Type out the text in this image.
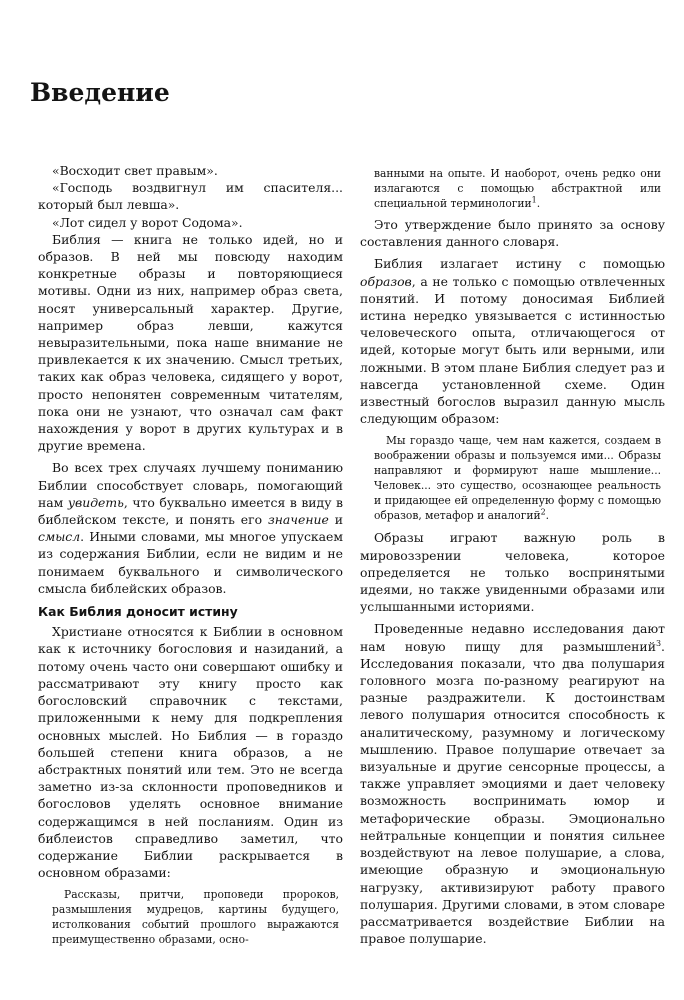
Введение

«Восходит свет правым».

«Господь воздвигнул им спасителя... который был левша».

«Лот сидел у ворот Содома».

Библия — книга не только идей, но и образов. В ней мы повсюду находим конкретные образы и повторяющиеся мотивы. Одни из них, например образ света, носят универсальный характер. Другие, например образ левши, кажутся невыразительными, пока наше внимание не привлекается к их значению. Смысл третьих, таких как образ человека, сидящего у ворот, просто непонятен современным читателям, пока они не узнают, что означал сам факт нахождения у ворот в других культурах и в другие времена.

Во всех трех случаях лучшему пониманию Библии способствует словарь, помогающий нам увидеть, что буквально имеется в виду в библейском тексте, и понять его значение и смысл. Иными словами, мы многое упускаем из содержания Библии, если не видим и не понимаем буквального и символического смысла библейских образов.

Как Библия доносит истину

Христиане относятся к Библии в основном как к источнику богословия и назиданий, а потому очень часто они совершают ошибку и рассматривают эту книгу просто как богословский справочник с текстами, приложенными к нему для подкрепления основных мыслей. Но Библия — в гораздо большей степени книга образов, а не абстрактных понятий или тем. Это не всегда заметно из-за склонности проповедников и богословов уделять основное внимание содержащимся в ней посланиям. Один из библеистов справедливо заметил, что содержание Библии раскрывается в основном образами:

Рассказы, притчи, проповеди пророков, размышления мудрецов, картины будущего, истолкования событий прошлого выражаются преимущественно образами, осно-

ванными на опыте. И наоборот, очень редко они излагаются с помощью абстрактной или специальной терминологии$^1$.

Это утверждение было принято за основу составления данного словаря.

Библия излагает истину с помощью образов, а не только с помощью отвлеченных понятий. И потому доносимая Библией истина нередко увязывается с истинностью человеческого опыта, отличающегося от идей, которые могут быть или верными, или ложными. В этом плане Библия следует раз и навсегда установленной схеме. Один известный богослов выразил данную мысль следующим образом:

Мы гораздо чаще, чем нам кажется, создаем в воображении образы и пользуемся ими... Образы направляют и формируют наше мышление... Человек... это существо, осознающее реальность и придающее ей определенную форму с помощью образов, метафор и аналогий$^2$.

Образы играют важную роль в мировоззрении человека, которое определяется не только воспринятыми идеями, но также увиденными образами или услышанными историями.

Проведенные недавно исследования дают нам новую пищу для размышлений$^3$. Исследования показали, что два полушария головного мозга по-разному реагируют на разные раздражители. К достоинствам левого полушария относится способность к аналитическому, разумному и логическому мышлению. Правое полушарие отвечает за визуальные и другие сенсорные процессы, а также управляет эмоциями и дает человеку возможность воспринимать юмор и метафорические образы. Эмоционально нейтральные концепции и понятия сильнее воздействуют на левое полушарие, а слова, имеющие образную и эмоциональную нагрузку, активизируют работу правого полушария. Другими словами, в этом словаре рассматривается воздействие Библии на правое полушарие.
